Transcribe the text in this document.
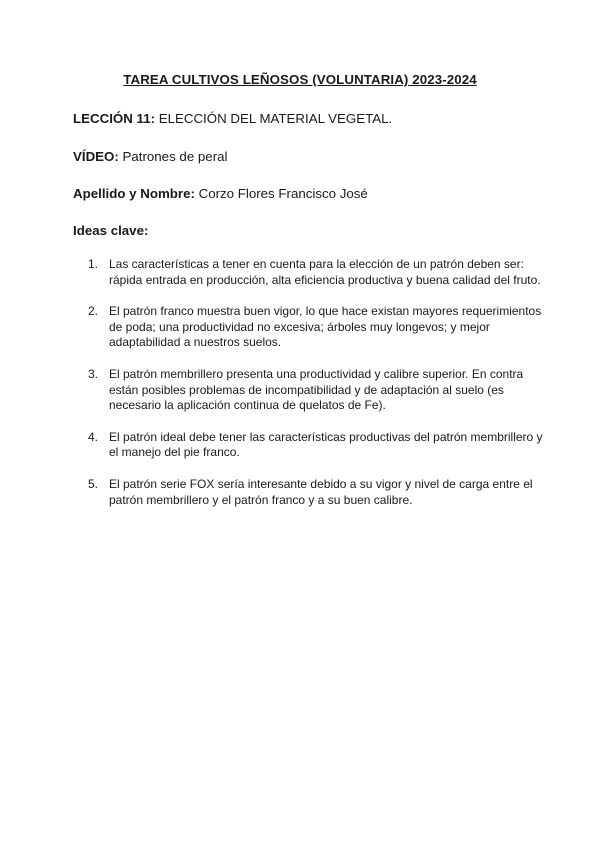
TAREA CULTIVOS LEÑOSOS (VOLUNTARIA) 2023-2024
LECCIÓN 11: ELECCIÓN DEL MATERIAL VEGETAL.
VÍDEO: Patrones de peral
Apellido y Nombre: Corzo Flores Francisco José
Ideas clave:
1. Las características a tener en cuenta para la elección de un patrón deben ser: rápida entrada en producción, alta eficiencia productiva y buena calidad del fruto.
2. El patrón franco muestra buen vigor, lo que hace existan mayores requerimientos de poda; una productividad no excesiva; árboles muy longevos; y mejor adaptabilidad a nuestros suelos.
3. El patrón membrillero presenta una productividad y calibre superior. En contra están posibles problemas de incompatibilidad y de adaptación al suelo (es necesario la aplicación continua de quelatos de Fe).
4. El patrón ideal debe tener las características productivas del patrón membrillero y el manejo del pie franco.
5. El patrón serie FOX sería interesante debido a su vigor y nivel de carga entre el patrón membrillero y el patrón franco y a su buen calibre.
